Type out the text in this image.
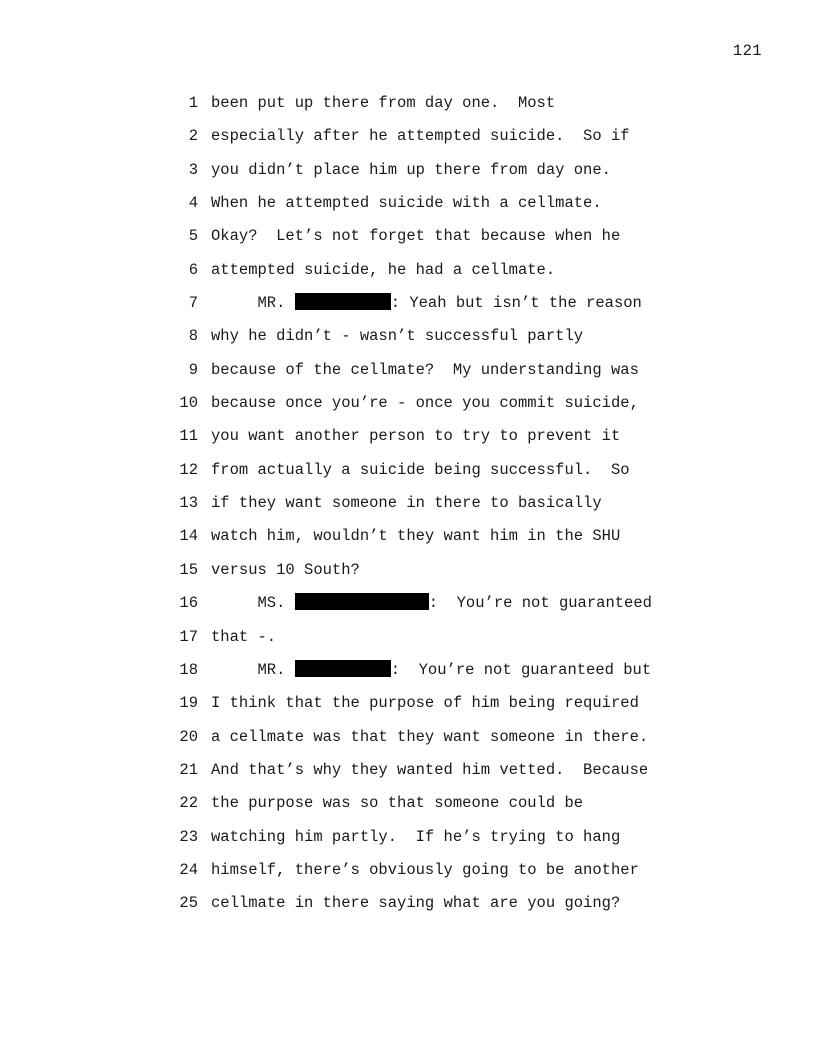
121
1 been put up there from day one.  Most
2 especially after he attempted suicide.  So if
3 you didn’t place him up there from day one.
4 When he attempted suicide with a cellmate.
5 Okay?  Let’s not forget that because when he
6 attempted suicide, he had a cellmate.
7     MR.	: Yeah but isn’t the reason
8 why he didn’t - wasn’t successful partly
9 because of the cellmate?  My understanding was
10 because once you’re - once you commit suicide,
11 you want another person to try to prevent it
12 from actually a suicide being successful.  So
13 if they want someone in there to basically
14 watch him, wouldn’t they want him in the SHU
15 versus 10 South?
16     MS.	:  You’re not guaranteed
17 that -.
18     MR.	:  You’re not guaranteed but
19 I think that the purpose of him being required
20 a cellmate was that they want someone in there.
21 And that’s why they wanted him vetted.  Because
22 the purpose was so that someone could be
23 watching him partly.  If he’s trying to hang
24 himself, there’s obviously going to be another
25 cellmate in there saying what are you going?
